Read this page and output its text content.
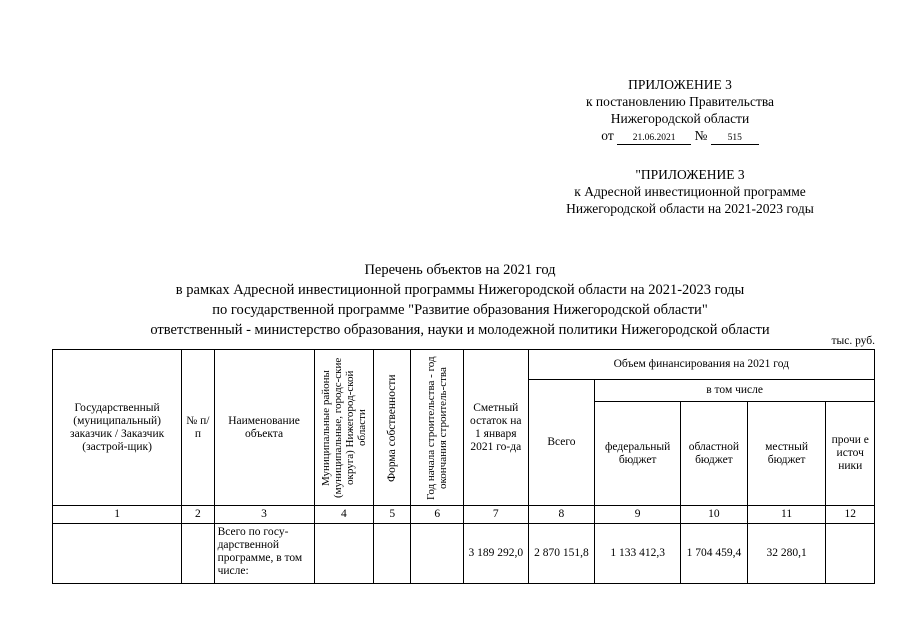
ПРИЛОЖЕНИЕ 3
к постановлению Правительства
Нижегородской области
от 21.06.2021 № 515
"ПРИЛОЖЕНИЕ 3
к Адресной инвестиционной программе
Нижегородской области на 2021-2023 годы
Перечень объектов на 2021 год
в рамках Адресной инвестиционной программы Нижегородской области на 2021-2023 годы
по государственной программе "Развитие образования Нижегородской области"
ответственный - министерство образования, науки и молодежной политики Нижегородской области
тыс. руб.
Государственный (муниципальный) заказчик / Заказчик (застрой-щик)	№ п/п	Наименование объекта	Муниципальные районы (муниципальные, городс-ские округа) Нижегород-ской области	Форма собственности	Год начала строительства - год окончания строитель-ства	Сметный остаток на 1 января 2021 го-да	Объем финансирования на 2021 год				
							Всего	в том числе			
								федеральный бюджет	областной бюджет	местный бюджет	прочи е источ ники
1	2	3	4	5	6	7	8	9	10	11	12
		Всего по госу-дарственной программе, в том числе:				3 189 292,0	2 870 151,8	1 133 412,3	1 704 459,4	32 280,1	
